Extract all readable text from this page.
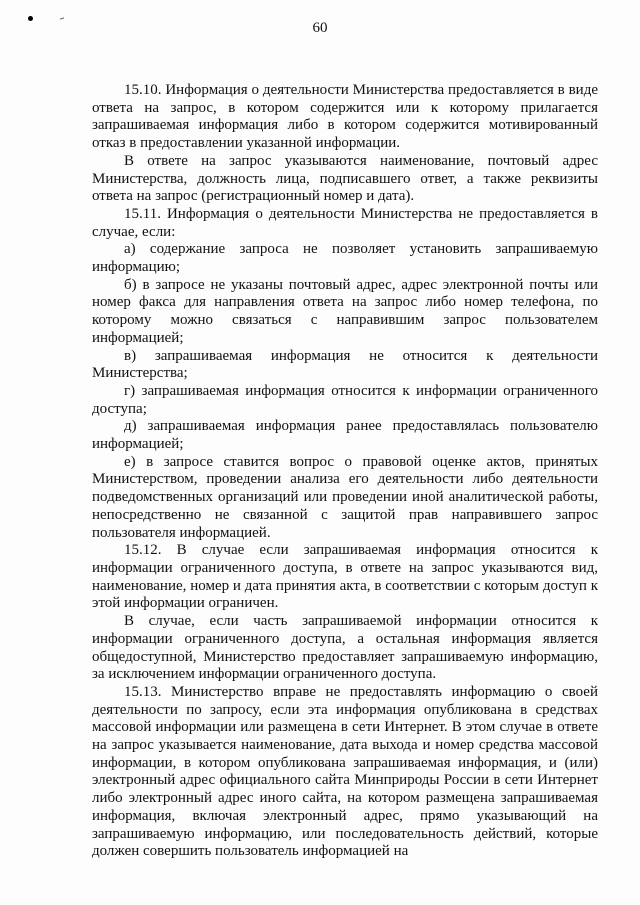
60

15.10. Информация о деятельности Министерства предоставляется в виде ответа на запрос, в котором содержится или к которому прилагается запрашиваемая информация либо в котором содержится мотивированный отказ в предоставлении указанной информации.

В ответе на запрос указываются наименование, почтовый адрес Министерства, должность лица, подписавшего ответ, а также реквизиты ответа на запрос (регистрационный номер и дата).

15.11. Информация о деятельности Министерства не предоставляется в случае, если:

а) содержание запроса не позволяет установить запрашиваемую информацию;

б) в запросе не указаны почтовый адрес, адрес электронной почты или номер факса для направления ответа на запрос либо номер телефона, по которому можно связаться с направившим запрос пользователем информацией;

в) запрашиваемая информация не относится к деятельности Министерства;

г) запрашиваемая информация относится к информации ограниченного доступа;

д) запрашиваемая информация ранее предоставлялась пользователю информацией;

е) в запросе ставится вопрос о правовой оценке актов, принятых Министерством, проведении анализа его деятельности либо деятельности подведомственных организаций или проведении иной аналитической работы, непосредственно не связанной с защитой прав направившего запрос пользователя информацией.

15.12. В случае если запрашиваемая информация относится к информации ограниченного доступа, в ответе на запрос указываются вид, наименование, номер и дата принятия акта, в соответствии с которым доступ к этой информации ограничен.

В случае, если часть запрашиваемой информации относится к информации ограниченного доступа, а остальная информация является общедоступной, Министерство предоставляет запрашиваемую информацию, за исключением информации ограниченного доступа.

15.13. Министерство вправе не предоставлять информацию о своей деятельности по запросу, если эта информация опубликована в средствах массовой информации или размещена в сети Интернет. В этом случае в ответе на запрос указывается наименование, дата выхода и номер средства массовой информации, в котором опубликована запрашиваемая информация, и (или) электронный адрес официального сайта Минприроды России в сети Интернет либо электронный адрес иного сайта, на котором размещена запрашиваемая информация, включая электронный адрес, прямо указывающий на запрашиваемую информацию, или последовательность действий, которые должен совершить пользователь информацией на
